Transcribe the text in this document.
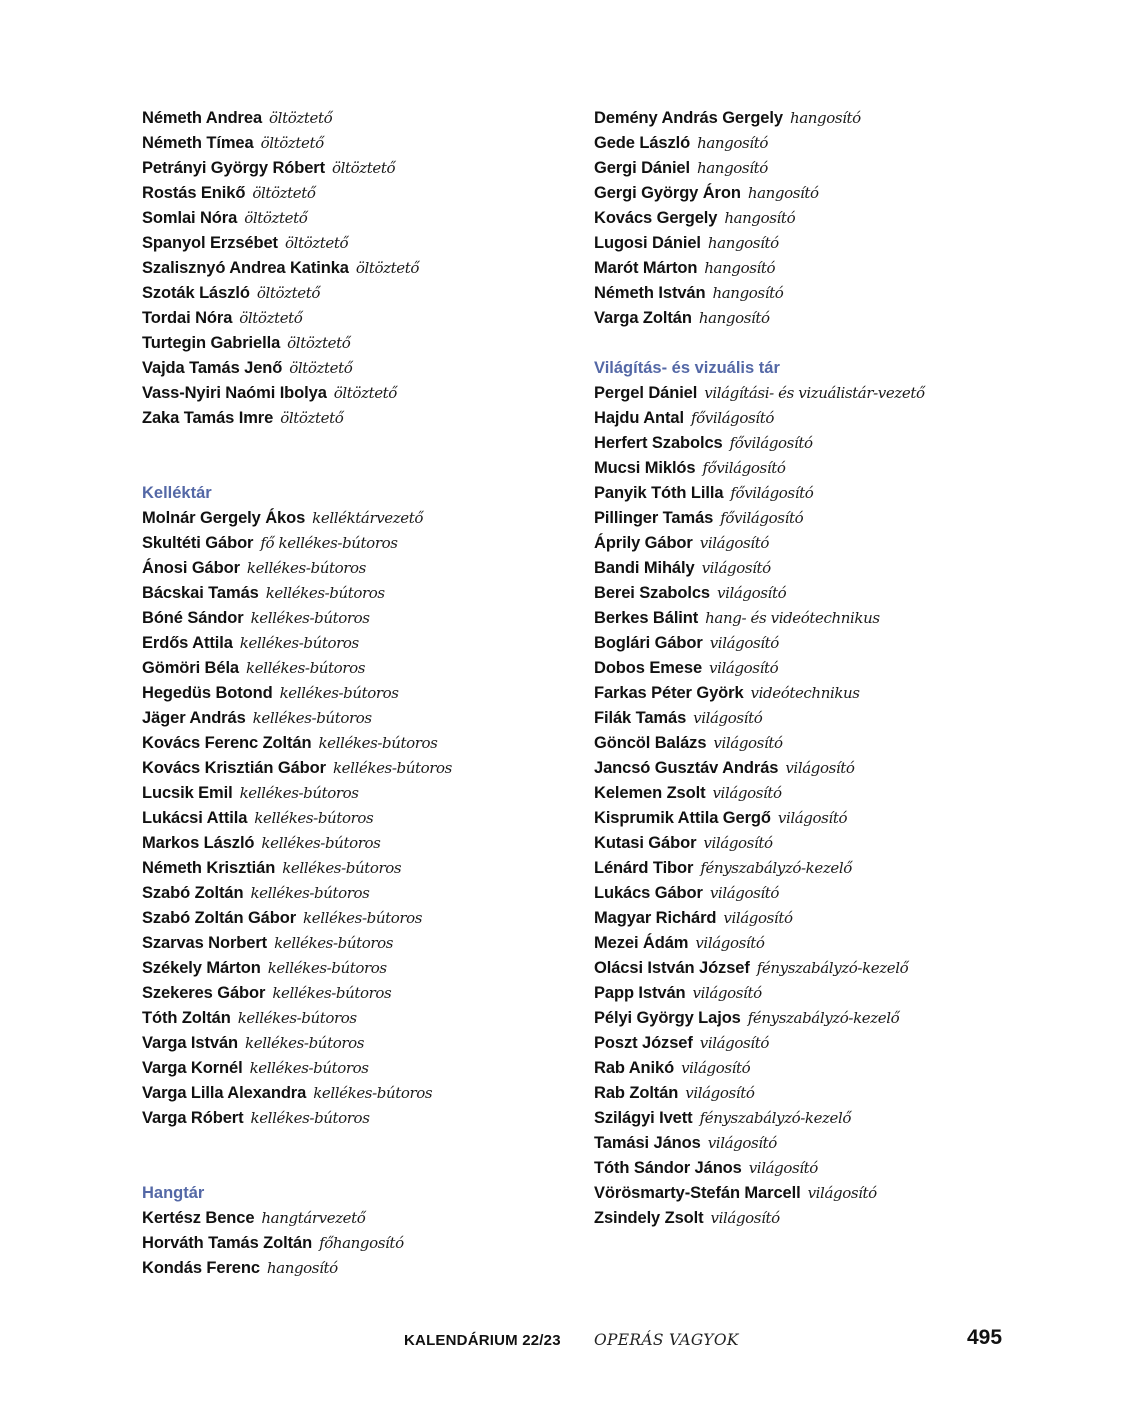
Németh Andrea öltöztető
Németh Tímea öltöztető
Petrányi György Róbert öltöztető
Rostás Enikő öltöztető
Somlai Nóra öltöztető
Spanyol Erzsébet öltöztető
Szalisznyó Andrea Katinka öltöztető
Szoták László öltöztető
Tordai Nóra öltöztető
Turtegin Gabriella öltöztető
Vajda Tamás Jenő öltöztető
Vass-Nyiri Naómi Ibolya öltöztető
Zaka Tamás Imre öltöztető
Kelléktár
Molnár Gergely Ákos kelléktárvezető
Skultéti Gábor fő kellékes-bútoros
Ánosi Gábor kellékes-bútoros
Bácskai Tamás kellékes-bútoros
Bóné Sándor kellékes-bútoros
Erdős Attila kellékes-bútoros
Gömöri Béla kellékes-bútoros
Hegedüs Botond kellékes-bútoros
Jäger András kellékes-bútoros
Kovács Ferenc Zoltán kellékes-bútoros
Kovács Krisztián Gábor kellékes-bútoros
Lucsik Emil kellékes-bútoros
Lukácsi Attila kellékes-bútoros
Markos László kellékes-bútoros
Németh Krisztián kellékes-bútoros
Szabó Zoltán kellékes-bútoros
Szabó Zoltán Gábor kellékes-bútoros
Szarvas Norbert kellékes-bútoros
Székely Márton kellékes-bútoros
Szekeres Gábor kellékes-bútoros
Tóth Zoltán kellékes-bútoros
Varga István kellékes-bútoros
Varga Kornél kellékes-bútoros
Varga Lilla Alexandra kellékes-bútoros
Varga Róbert kellékes-bútoros
Hangtár
Kertész Bence hangtárvezető
Horváth Tamás Zoltán főhangosító
Kondás Ferenc hangosító
Demény András Gergely hangosító
Gede László hangosító
Gergi Dániel hangosító
Gergi György Áron hangosító
Kovács Gergely hangosító
Lugosi Dániel hangosító
Marót Márton hangosító
Németh István hangosító
Varga Zoltán hangosító
Világítás- és vizuális tár
Pergel Dániel világítási- és vizuálistár-vezető
Hajdu Antal fővilágosító
Herfert Szabolcs fővilágosító
Mucsi Miklós fővilágosító
Panyik Tóth Lilla fővilágosító
Pillinger Tamás fővilágosító
Áprily Gábor világosító
Bandi Mihály világosító
Berei Szabolcs világosító
Berkes Bálint hang- és videótechnikus
Boglári Gábor világosító
Dobos Emese világosító
Farkas Péter Györk videótechnikus
Filák Tamás világosító
Göncöl Balázs világosító
Jancsó Gusztáv András világosító
Kelemen Zsolt világosító
Kisprumik Attila Gergő világosító
Kutasi Gábor világosító
Lénárd Tibor fényszabályzó-kezelő
Lukács Gábor világosító
Magyar Richárd világosító
Mezei Ádám világosító
Olácsi István József fényszabályzó-kezelő
Papp István világosító
Pélyi György Lajos fényszabályzó-kezelő
Poszt József világosító
Rab Anikó világosító
Rab Zoltán világosító
Szilágyi Ivett fényszabályzó-kezelő
Tamási János világosító
Tóth Sándor János világosító
Vörösmarty-Stefán Marcell világosító
Zsindely Zsolt világosító
KALENDÁRIUM 22/23 OPERÁS VAGYOK	495
